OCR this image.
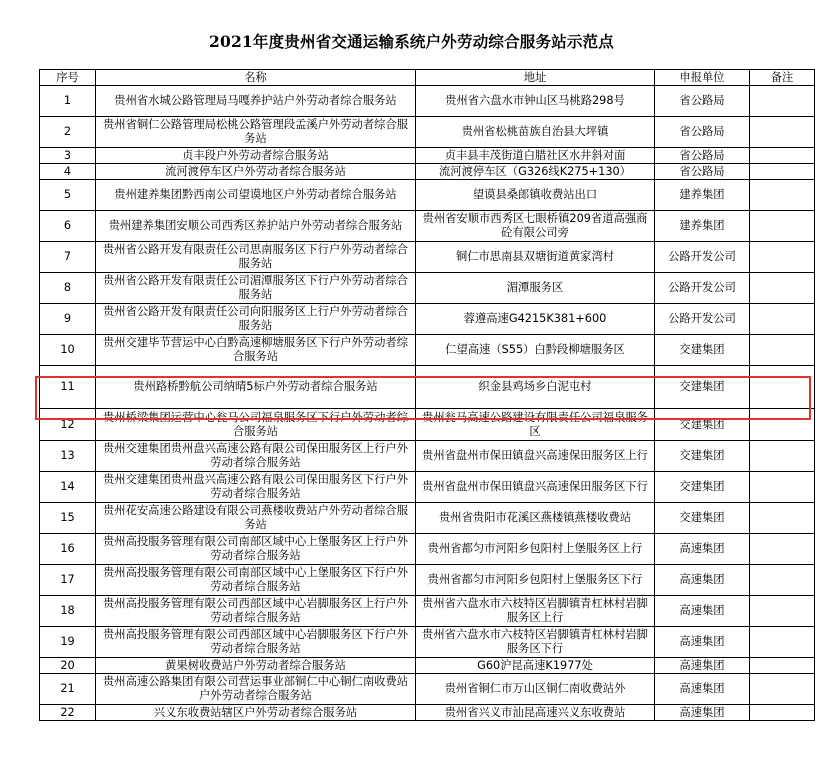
2021年度贵州省交通运输系统户外劳动综合服务站示范点
序号	名称	地址	申报单位	备注
1	贵州省水城公路管理局马嘎养护站户外劳动者综合服务站	贵州省六盘水市钟山区马桃路298号	省公路局	
2	贵州省铜仁公路管理局松桃公路管理段孟溪户外劳动者综合服务站	贵州省松桃苗族自治县大坪镇	省公路局	
3	贞丰段户外劳动者综合服务站	贞丰县丰茂街道白腊社区水井斜对面	省公路局	
4	流河渡停车区户外劳动者综合服务站	流河渡停车区（G326线K275+130）	省公路局	
5	贵州建养集团黔西南公司望谟地区户外劳动者综合服务站	望谟县桑郎镇收费站出口	建养集团	
6	贵州建养集团安顺公司西秀区养护站户外劳动者综合服务站	贵州省安顺市西秀区七眼桥镇209省道高强商砼有限公司旁	建养集团	
7	贵州省公路开发有限责任公司思南服务区下行户外劳动者综合服务站	铜仁市思南县双塘街道黄家湾村	公路开发公司	
8	贵州省公路开发有限责任公司湄潭服务区下行户外劳动者综合服务站	湄潭服务区	公路开发公司	
9	贵州省公路开发有限责任公司向阳服务区上行户外劳动者综合服务站	蓉遵高速G4215K381+600	公路开发公司	
10	贵州交建毕节营运中心白黔高速柳塘服务区下行户外劳动者综合服务站	仁望高速（S55）白黔段柳塘服务区	交建集团	
11	贵州路桥黔航公司纳晴5标户外劳动者综合服务站	织金县鸡场乡白泥屯村	交建集团	
12	贵州桥梁集团运营中心瓮马公司福泉服务区下行户外劳动者综合服务站	贵州瓮马高速公路建设有限责任公司福泉服务区	交建集团	
13	贵州交建集团贵州盘兴高速公路有限公司保田服务区上行户外劳动者综合服务站	贵州省盘州市保田镇盘兴高速保田服务区上行	交建集团	
14	贵州交建集团贵州盘兴高速公路有限公司保田服务区下行户外劳动者综合服务站	贵州省盘州市保田镇盘兴高速保田服务区下行	交建集团	
15	贵州花安高速公路建设有限公司燕楼收费站户外劳动者综合服务站	贵州省贵阳市花溪区燕楼镇燕楼收费站	交建集团	
16	贵州高投服务管理有限公司南部区域中心上堡服务区上行户外劳动者综合服务站	贵州省都匀市河阳乡包阳村上堡服务区上行	高速集团	
17	贵州高投服务管理有限公司南部区域中心上堡服务区下行户外劳动者综合服务站	贵州省都匀市河阳乡包阳村上堡服务区下行	高速集团	
18	贵州高投服务管理有限公司西部区域中心岩脚服务区上行户外劳动者综合服务站	贵州省六盘水市六枝特区岩脚镇青杠林村岩脚服务区上行	高速集团	
19	贵州高投服务管理有限公司西部区域中心岩脚服务区下行户外劳动者综合服务站	贵州省六盘水市六枝特区岩脚镇青杠林村岩脚服务区下行	高速集团	
20	黄果树收费站户外劳动者综合服务站	G60沪昆高速K1977处	高速集团	
21	贵州高速公路集团有限公司营运事业部铜仁中心铜仁南收费站户外劳动者综合服务站	贵州省铜仁市万山区铜仁南收费站外	高速集团	
22	兴义东收费站辖区户外劳动者综合服务站	贵州省兴义市汕昆高速兴义东收费站	高速集团	
